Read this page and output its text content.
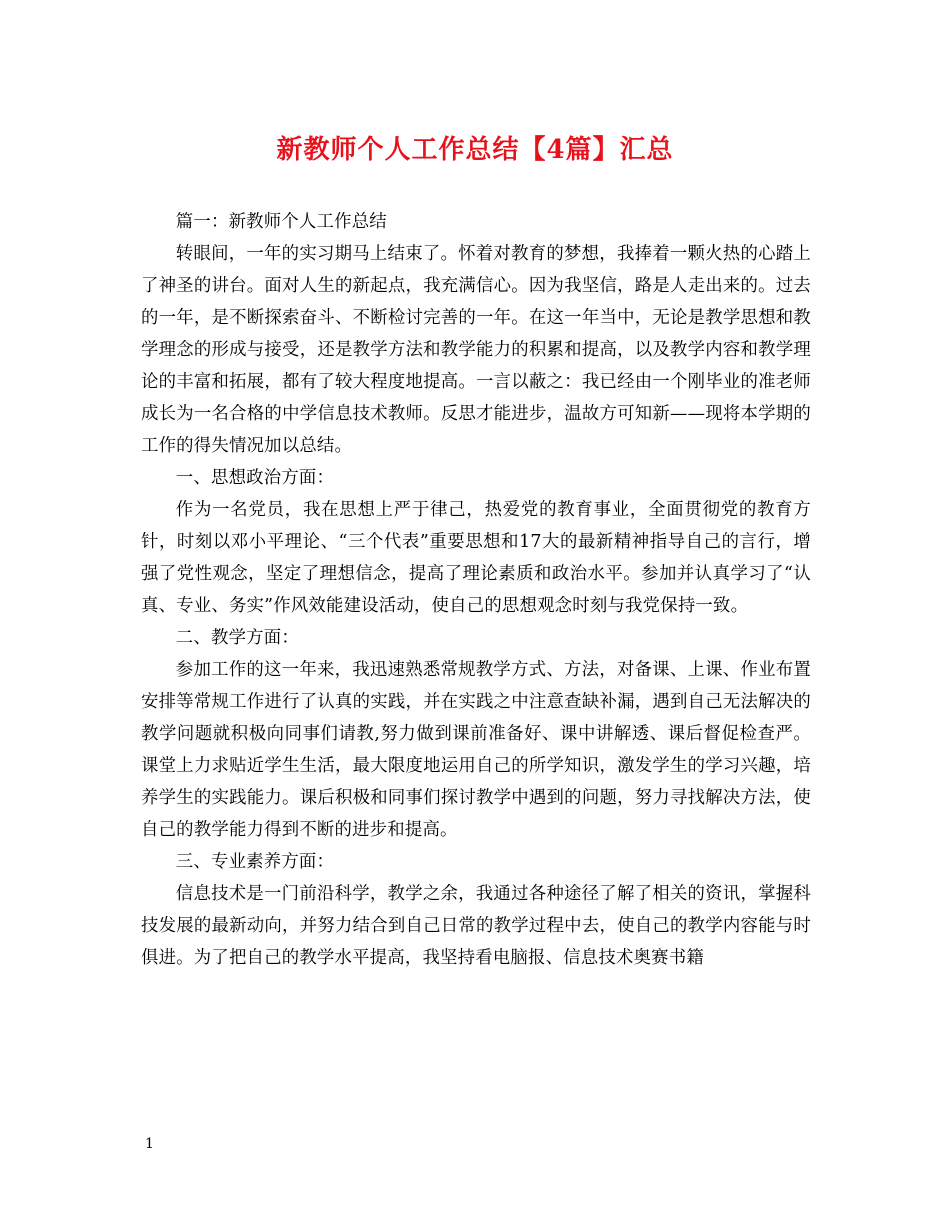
新教师个人工作总结【4篇】汇总

篇一：新教师个人工作总结

转眼间，一年的实习期马上结束了。怀着对教育的梦想，我捧着一颗火热的心踏上了神圣的讲台。面对人生的新起点，我充满信心。因为我坚信，路是人走出来的。过去的一年，是不断探索奋斗、不断检讨完善的一年。在这一年当中，无论是教学思想和教学理念的形成与接受，还是教学方法和教学能力的积累和提高，以及教学内容和教学理论的丰富和拓展，都有了较大程度地提高。一言以蔽之：我已经由一个刚毕业的准老师成长为一名合格的中学信息技术教师。反思才能进步，温故方可知新——现将本学期的工作的得失情况加以总结。

一、思想政治方面：

作为一名党员，我在思想上严于律己，热爱党的教育事业，全面贯彻党的教育方针，时刻以邓小平理论、“三个代表”重要思想和17大的最新精神指导自己的言行，增强了党性观念，坚定了理想信念，提高了理论素质和政治水平。参加并认真学习了“认真、专业、务实”作风效能建设活动，使自己的思想观念时刻与我党保持一致。

二、教学方面：

参加工作的这一年来，我迅速熟悉常规教学方式、方法，对备课、上课、作业布置安排等常规工作进行了认真的实践，并在实践之中注意查缺补漏，遇到自己无法解决的教学问题就积极向同事们请教,努力做到课前准备好、课中讲解透、课后督促检查严。课堂上力求贴近学生生活，最大限度地运用自己的所学知识，激发学生的学习兴趣，培养学生的实践能力。课后积极和同事们探讨教学中遇到的问题，努力寻找解决方法，使自己的教学能力得到不断的进步和提高。

三、专业素养方面：

信息技术是一门前沿科学，教学之余，我通过各种途径了解了相关的资讯，掌握科技发展的最新动向，并努力结合到自己日常的教学过程中去，使自己的教学内容能与时俱进。为了把自己的教学水平提高，我坚持看电脑报、信息技术奥赛书籍

1
